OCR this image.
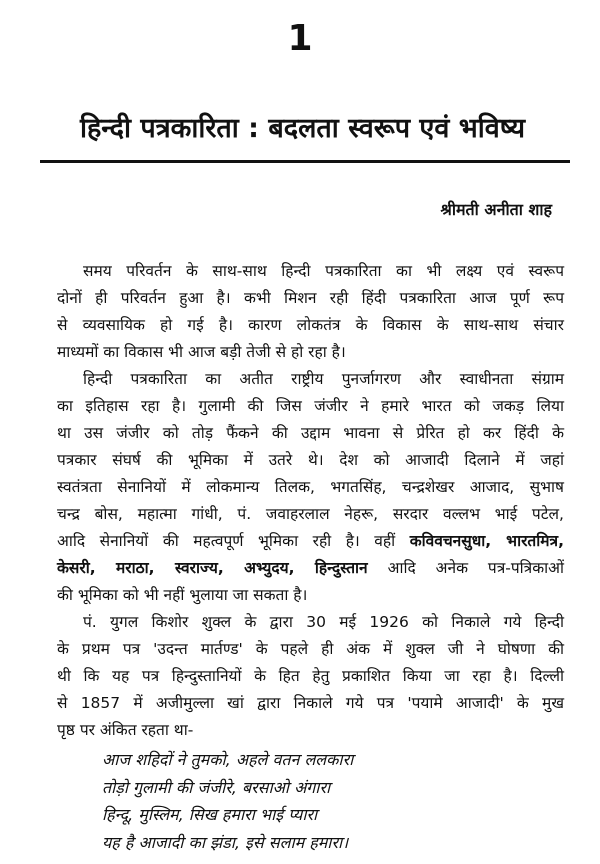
1
हिन्दी पत्रकारिता : बदलता स्वरूप एवं भविष्य
श्रीमती अनीता शाह
समय परिवर्तन के साथ-साथ हिन्दी पत्रकारिता का भी लक्ष्य एवं स्वरूप
दोनों ही परिवर्तन हुआ है। कभी मिशन रही हिंदी पत्रकारिता आज पूर्ण रूप
से व्यवसायिक हो गई है। कारण लोकतंत्र के विकास के साथ-साथ संचार
माध्यमों का विकास भी आज बड़ी तेजी से हो रहा है।
हिन्दी पत्रकारिता का अतीत राष्ट्रीय पुनर्जागरण और स्वाधीनता संग्राम
का इतिहास रहा है। गुलामी की जिस जंजीर ने हमारे भारत को जकड़ लिया
था उस जंजीर को तोड़ फैंकने की उद्दाम भावना से प्रेरित हो कर हिंदी के
पत्रकार संघर्ष की भूमिका में उतरे थे। देश को आजादी दिलाने में जहां
स्वतंत्रता सेनानियों में लोकमान्य तिलक, भगतसिंह, चन्द्रशेखर आजाद, सुभाष
चन्द्र बोस, महात्मा गांधी, पं. जवाहरलाल नेहरू, सरदार वल्लभ भाई पटेल,
आदि सेनानियों की महत्वपूर्ण भूमिका रही है। वहीं कविवचनसुधा, भारतमित्र,
केसरी, मराठा, स्वराज्य, अभ्युदय, हिन्दुस्तान आदि अनेक पत्र-पत्रिकाओं
की भूमिका को भी नहीं भुलाया जा सकता है।
पं. युगल किशोर शुक्ल के द्वारा 30 मई 1926 को निकाले गये हिन्दी
के प्रथम पत्र 'उदन्त मार्तण्ड' के पहले ही अंक में शुक्ल जी ने घोषणा की
थी कि यह पत्र हिन्दुस्तानियों के हित हेतु प्रकाशित किया जा रहा है। दिल्ली
से 1857 में अजीमुल्ला खां द्वारा निकाले गये पत्र 'पयामे आजादी' के मुख
पृष्ठ पर अंकित रहता था-
आज शहिदों ने तुमको, अहले वतन ललकारा
तोड़ो गुलामी की जंजीरे, बरसाओ अंगारा
हिन्दू, मुस्लिम, सिख हमारा भाई प्यारा
यह है आजादी का झंडा, इसे सलाम हमारा।
